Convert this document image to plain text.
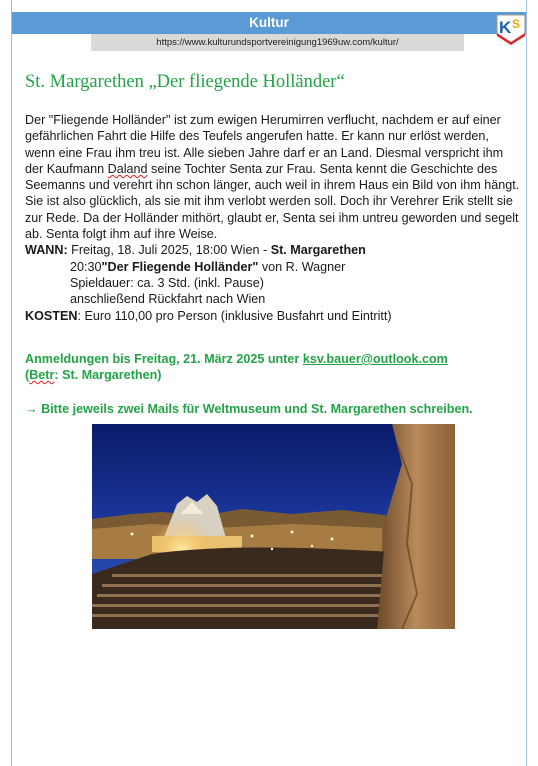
Kultur
https://www.kulturundsportvereinigung1969uw.com/kultur/
K S
St. Margarethen „Der fliegende Holländer“

Der "Fliegende Holländer" ist zum ewigen Herumirren verflucht, nachdem er auf einer gefährlichen Fahrt die Hilfe des Teufels angerufen hatte. Er kann nur erlöst werden, wenn eine Frau ihm treu ist. Alle sieben Jahre darf er an Land. Diesmal verspricht ihm der Kaufmann Daland seine Tochter Senta zur Frau. Senta kennt die Geschichte des Seemanns und verehrt ihn schon länger, auch weil in ihrem Haus ein Bild von ihm hängt. Sie ist also glücklich, als sie mit ihm verlobt werden soll. Doch ihr Verehrer Erik stellt sie zur Rede. Da der Holländer mithört, glaubt er, Senta sei ihm untreu geworden und segelt ab. Senta folgt ihm auf ihre Weise.

WANN: Freitag, 18. Juli 2025, 18:00 Wien - St. Margarethen

20:30"Der Fliegende Holländer" von R. Wagner

Spieldauer: ca. 3 Std. (inkl. Pause)

anschließend Rückfahrt nach Wien

KOSTEN: Euro 110,00 pro Person (inklusive Busfahrt und Eintritt)

Anmeldungen bis Freitag, 21. März 2025 unter ksv.bauer@outlook.com
(Betr: St. Margarethen)
→ Bitte jeweils zwei Mails für Weltmuseum und St. Margarethen schreiben.
